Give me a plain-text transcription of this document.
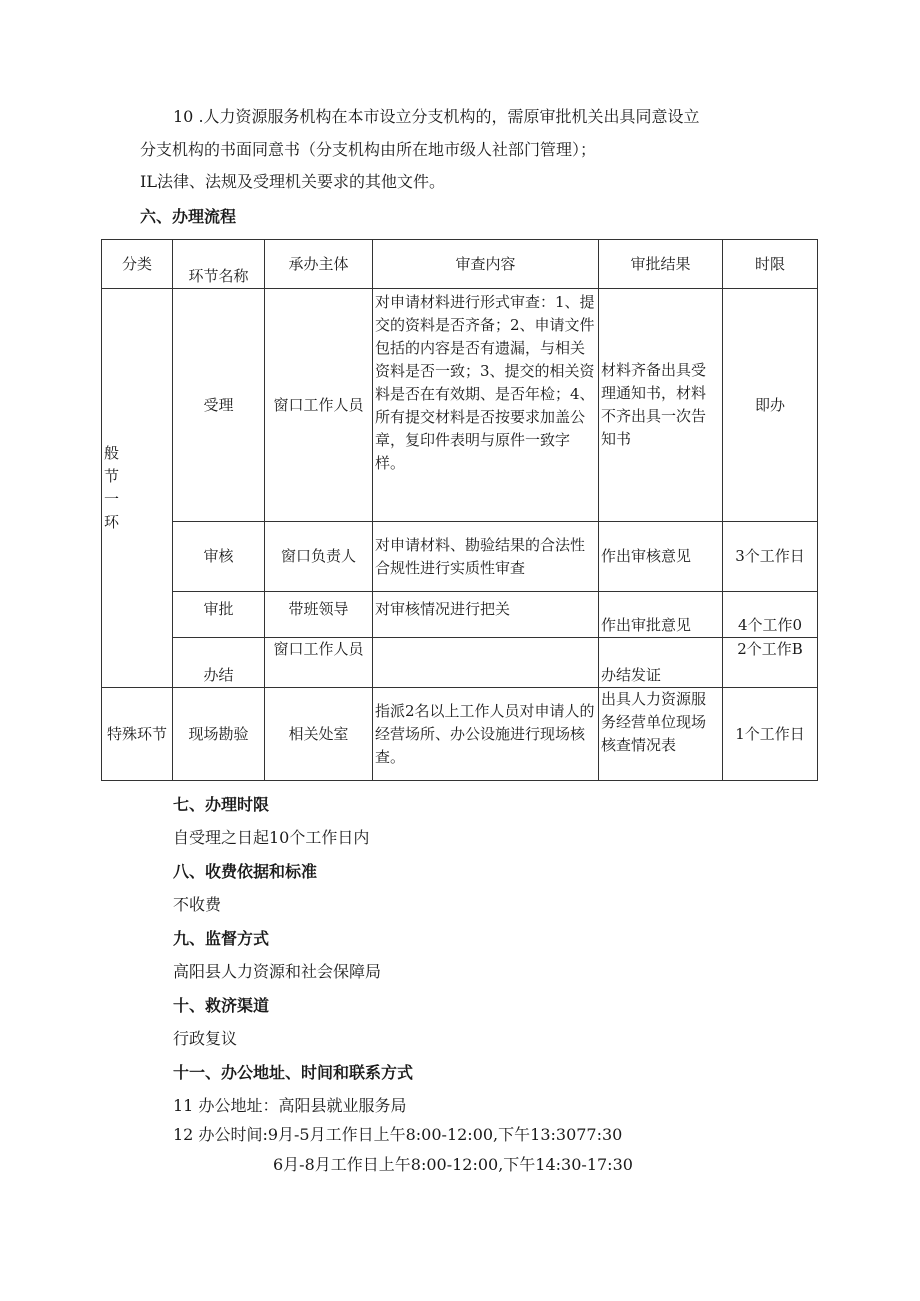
10 .人力资源服务机构在本市设立分支机构的，需原审批机关出具同意设立
分支机构的书面同意书（分支机构由所在地市级人社部门管理）；
IL法律、法规及受理机关要求的其他文件。
六、办理流程
分类	环节名称	承办主体	审查内容	审批结果	时限

般
节
一
环	受理	窗口工作人员	对申请材料进行形式审查：1、提交的资料是否齐备；2、申请文件包括的内容是否有遗漏，与相关资料是否一致；3、提交的相关资料是否在有效期、是否年检；4、所有提交材料是否按要求加盖公章，复印件表明与原件一致字样。	材料齐备出具受理通知书，材料不齐出具一次告知书	即办
	审核	窗口负责人	对申请材料、勘验结果的合法性合规性进行实质性审查	作出审核意见	3个工作日
	审批	带班领导	对审核情况进行把关	作出审批意见	4个工作0
	办结	窗口工作人员		办结发证	2个工作B
特殊环节	现场勘验	相关处室	指派2名以上工作人员对申请人的经营场所、办公设施进行现场核查。	出具人力资源服务经营单位现场核查情况表	1个工作日
七、办理时限
自受理之日起10个工作日内
八、收费依据和标准
不收费
九、监督方式
高阳县人力资源和社会保障局
十、救济渠道
行政复议
十一、办公地址、时间和联系方式
11 办公地址：高阳县就业服务局
12 办公时间:9月-5月工作日上午8:00-12:00,下午13:3077:30
6月-8月工作日上午8:00-12:00,下午14:30-17:30
